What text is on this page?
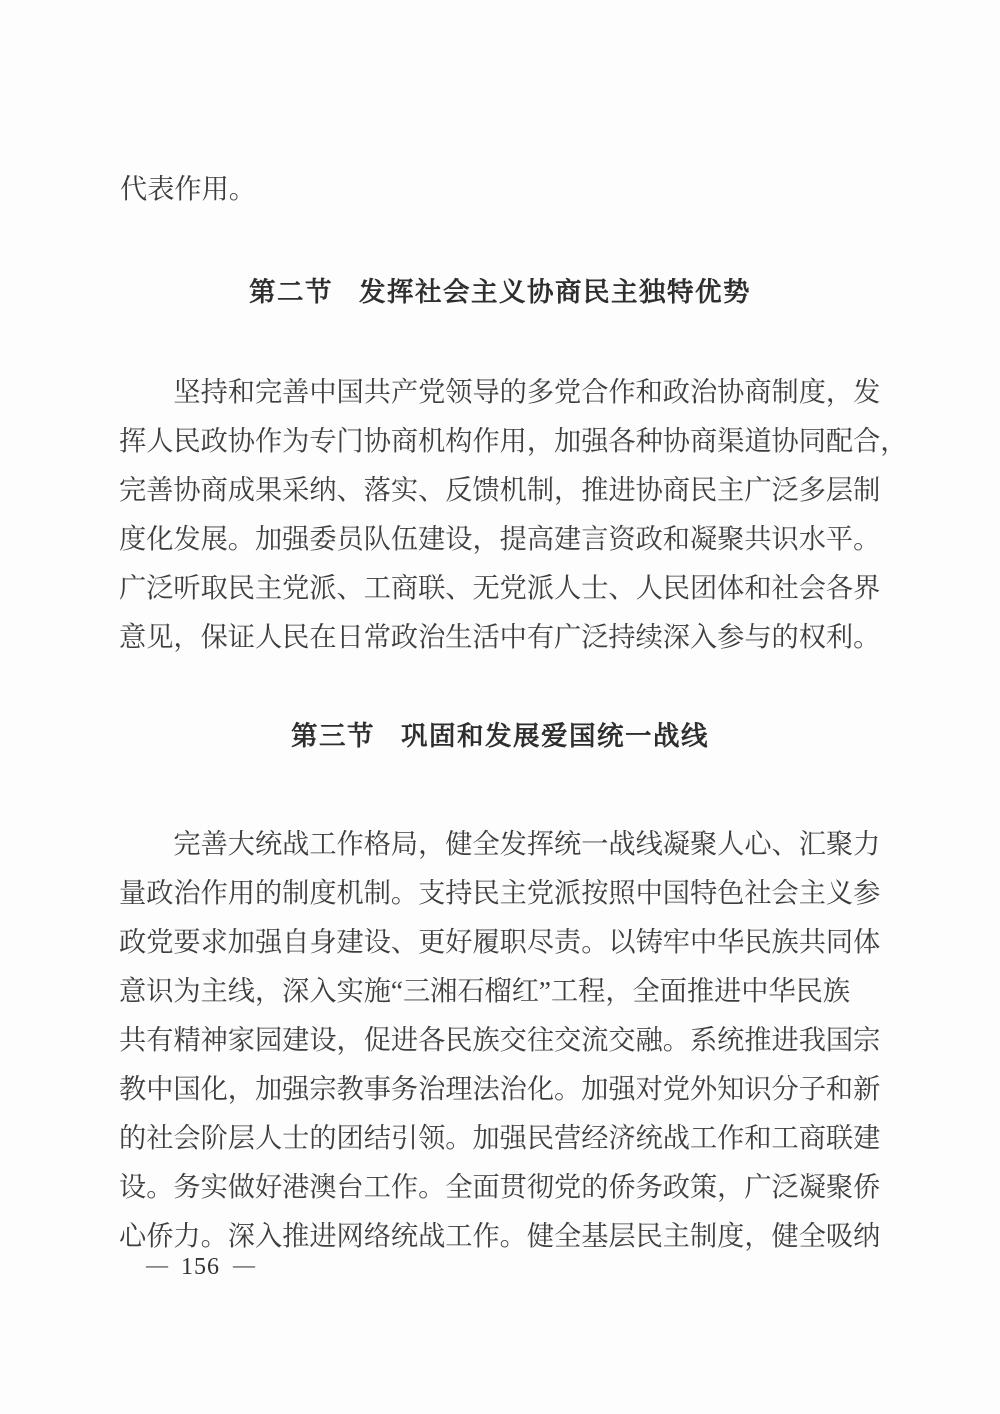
代表作用。
第二节 发挥社会主义协商民主独特优势
坚持和完善中国共产党领导的多党合作和政治协商制度，发
挥人民政协作为专门协商机构作用，加强各种协商渠道协同配合，
完善协商成果采纳、落实、反馈机制，推进协商民主广泛多层制
度化发展。加强委员队伍建设，提高建言资政和凝聚共识水平。
广泛听取民主党派、工商联、无党派人士、人民团体和社会各界
意见，保证人民在日常政治生活中有广泛持续深入参与的权利。
第三节 巩固和发展爱国统一战线
完善大统战工作格局，健全发挥统一战线凝聚人心、汇聚力
量政治作用的制度机制。支持民主党派按照中国特色社会主义参
政党要求加强自身建设、更好履职尽责。以铸牢中华民族共同体
意识为主线，深入实施“三湘石榴红”工程，全面推进中华民族
共有精神家园建设，促进各民族交往交流交融。系统推进我国宗
教中国化，加强宗教事务治理法治化。加强对党外知识分子和新
的社会阶层人士的团结引领。加强民营经济统战工作和工商联建
设。务实做好港澳台工作。全面贯彻党的侨务政策，广泛凝聚侨
心侨力。深入推进网络统战工作。健全基层民主制度，健全吸纳
— 156 —
